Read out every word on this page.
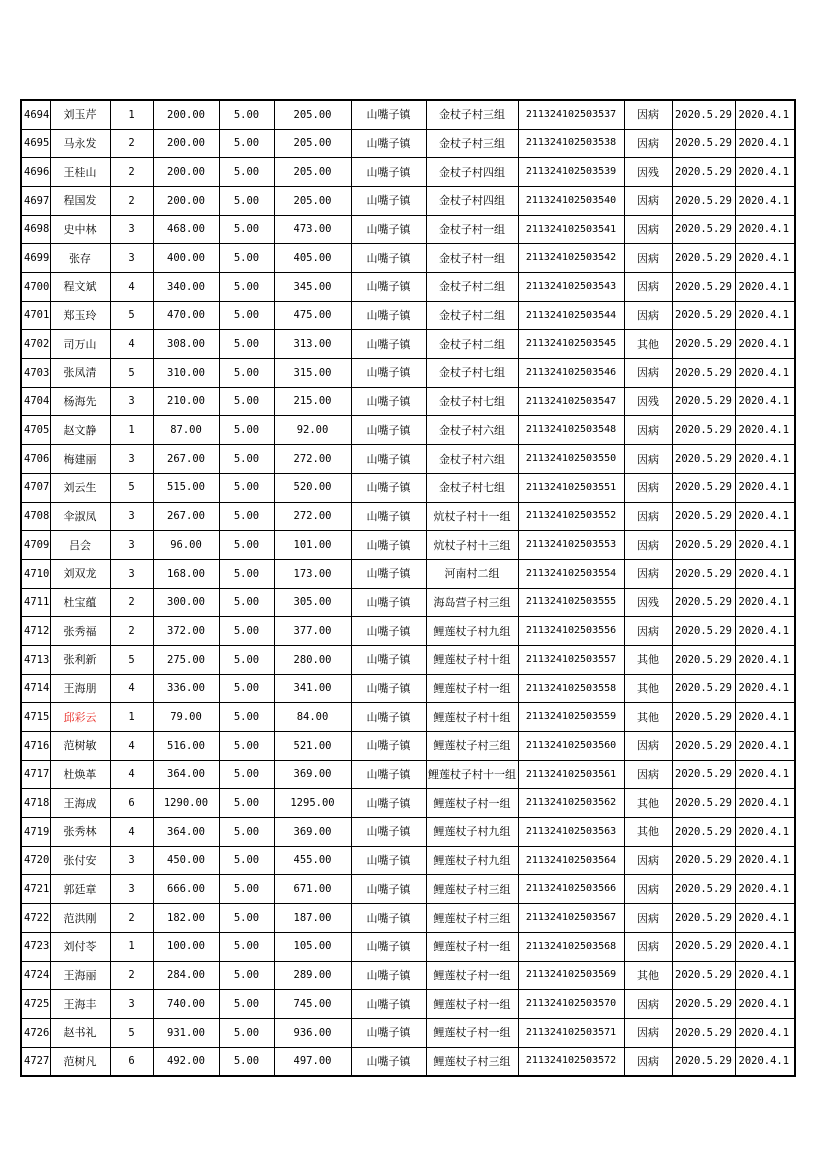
4694	刘玉芹	1	200.00	5.00	205.00	山嘴子镇	金杖子村三组	211324102503537	因病	2020.5.29	2020.4.1
4695	马永发	2	200.00	5.00	205.00	山嘴子镇	金杖子村三组	211324102503538	因病	2020.5.29	2020.4.1
4696	王桂山	2	200.00	5.00	205.00	山嘴子镇	金杖子村四组	211324102503539	因残	2020.5.29	2020.4.1
4697	程国发	2	200.00	5.00	205.00	山嘴子镇	金杖子村四组	211324102503540	因病	2020.5.29	2020.4.1
4698	史中林	3	468.00	5.00	473.00	山嘴子镇	金杖子村一组	211324102503541	因病	2020.5.29	2020.4.1
4699	张存	3	400.00	5.00	405.00	山嘴子镇	金杖子村一组	211324102503542	因病	2020.5.29	2020.4.1
4700	程文斌	4	340.00	5.00	345.00	山嘴子镇	金杖子村二组	211324102503543	因病	2020.5.29	2020.4.1
4701	郑玉玲	5	470.00	5.00	475.00	山嘴子镇	金杖子村二组	211324102503544	因病	2020.5.29	2020.4.1
4702	司万山	4	308.00	5.00	313.00	山嘴子镇	金杖子村二组	211324102503545	其他	2020.5.29	2020.4.1
4703	张凤清	5	310.00	5.00	315.00	山嘴子镇	金杖子村七组	211324102503546	因病	2020.5.29	2020.4.1
4704	杨海先	3	210.00	5.00	215.00	山嘴子镇	金杖子村七组	211324102503547	因残	2020.5.29	2020.4.1
4705	赵文静	1	87.00	5.00	92.00	山嘴子镇	金杖子村六组	211324102503548	因病	2020.5.29	2020.4.1
4706	梅建丽	3	267.00	5.00	272.00	山嘴子镇	金杖子村六组	211324102503550	因病	2020.5.29	2020.4.1
4707	刘云生	5	515.00	5.00	520.00	山嘴子镇	金杖子村七组	211324102503551	因病	2020.5.29	2020.4.1
4708	伞淑凤	3	267.00	5.00	272.00	山嘴子镇	炕杖子村十一组	211324102503552	因病	2020.5.29	2020.4.1
4709	吕会	3	96.00	5.00	101.00	山嘴子镇	炕杖子村十三组	211324102503553	因病	2020.5.29	2020.4.1
4710	刘双龙	3	168.00	5.00	173.00	山嘴子镇	河南村二组	211324102503554	因病	2020.5.29	2020.4.1
4711	杜宝蕴	2	300.00	5.00	305.00	山嘴子镇	海岛营子村三组	211324102503555	因残	2020.5.29	2020.4.1
4712	张秀福	2	372.00	5.00	377.00	山嘴子镇	鲤莲杖子村九组	211324102503556	因病	2020.5.29	2020.4.1
4713	张利新	5	275.00	5.00	280.00	山嘴子镇	鲤莲杖子村十组	211324102503557	其他	2020.5.29	2020.4.1
4714	王海朋	4	336.00	5.00	341.00	山嘴子镇	鲤莲杖子村一组	211324102503558	其他	2020.5.29	2020.4.1
4715	邱彩云	1	79.00	5.00	84.00	山嘴子镇	鲤莲杖子村十组	211324102503559	其他	2020.5.29	2020.4.1
4716	范树敏	4	516.00	5.00	521.00	山嘴子镇	鲤莲杖子村三组	211324102503560	因病	2020.5.29	2020.4.1
4717	杜焕革	4	364.00	5.00	369.00	山嘴子镇	鲤莲杖子村十一组	211324102503561	因病	2020.5.29	2020.4.1
4718	王海成	6	1290.00	5.00	1295.00	山嘴子镇	鲤莲杖子村一组	211324102503562	其他	2020.5.29	2020.4.1
4719	张秀林	4	364.00	5.00	369.00	山嘴子镇	鲤莲杖子村九组	211324102503563	其他	2020.5.29	2020.4.1
4720	张付安	3	450.00	5.00	455.00	山嘴子镇	鲤莲杖子村九组	211324102503564	因病	2020.5.29	2020.4.1
4721	郭廷章	3	666.00	5.00	671.00	山嘴子镇	鲤莲杖子村三组	211324102503566	因病	2020.5.29	2020.4.1
4722	范洪刚	2	182.00	5.00	187.00	山嘴子镇	鲤莲杖子村三组	211324102503567	因病	2020.5.29	2020.4.1
4723	刘付苓	1	100.00	5.00	105.00	山嘴子镇	鲤莲杖子村一组	211324102503568	因病	2020.5.29	2020.4.1
4724	王海丽	2	284.00	5.00	289.00	山嘴子镇	鲤莲杖子村一组	211324102503569	其他	2020.5.29	2020.4.1
4725	王海丰	3	740.00	5.00	745.00	山嘴子镇	鲤莲杖子村一组	211324102503570	因病	2020.5.29	2020.4.1
4726	赵书礼	5	931.00	5.00	936.00	山嘴子镇	鲤莲杖子村一组	211324102503571	因病	2020.5.29	2020.4.1
4727	范树凡	6	492.00	5.00	497.00	山嘴子镇	鲤莲杖子村三组	211324102503572	因病	2020.5.29	2020.4.1
